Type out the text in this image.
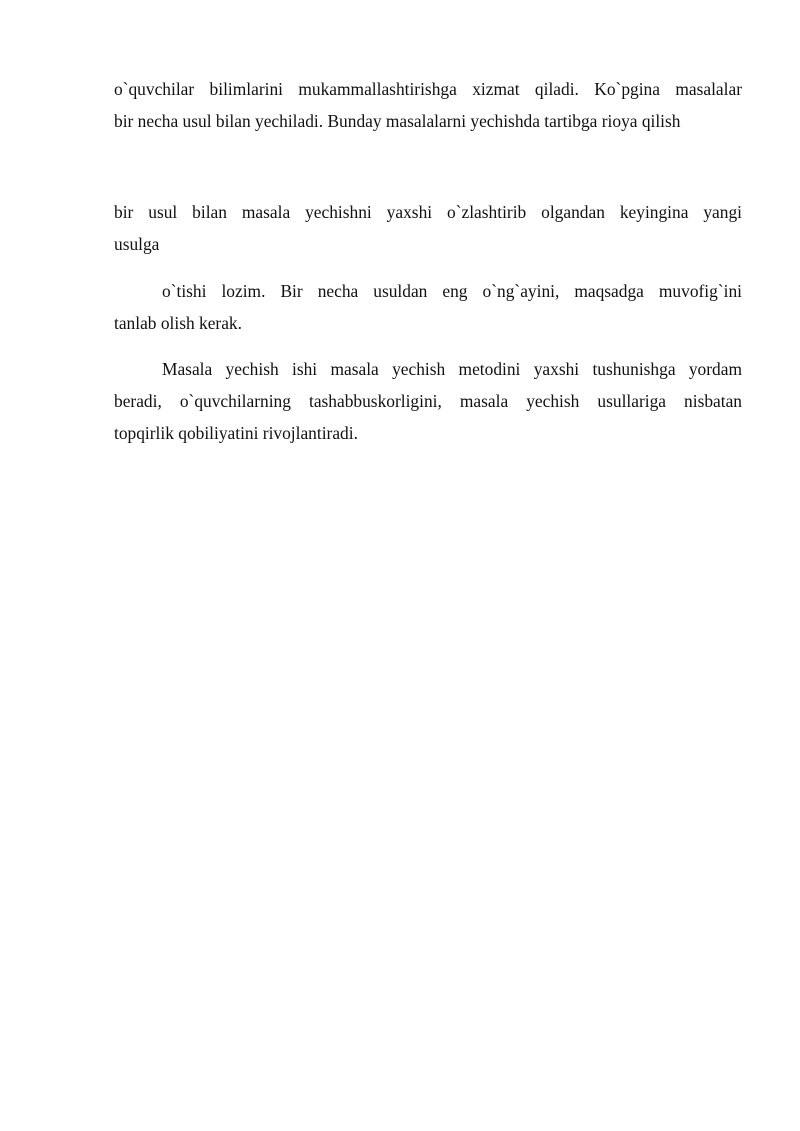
o`quvchilar bilimlarini mukammallashtirishga xizmat qiladi. Ko`pgina masalalar
bir necha usul bilan yechiladi. Bunday masalalarni yechishda tartibga rioya qilish
bir usul bilan masala yechishni yaxshi o`zlashtirib olgandan keyingina yangi
usulga
o`tishi lozim. Bir necha usuldan eng o`ng`ayini, maqsadga muvofig`ini
tanlab olish kerak.
Masala yechish ishi masala yechish metodini yaxshi tushunishga yordam
beradi, o`quvchilarning tashabbuskorligini, masala yechish usullariga nisbatan
topqirlik qobiliyatini rivojlantiradi.
